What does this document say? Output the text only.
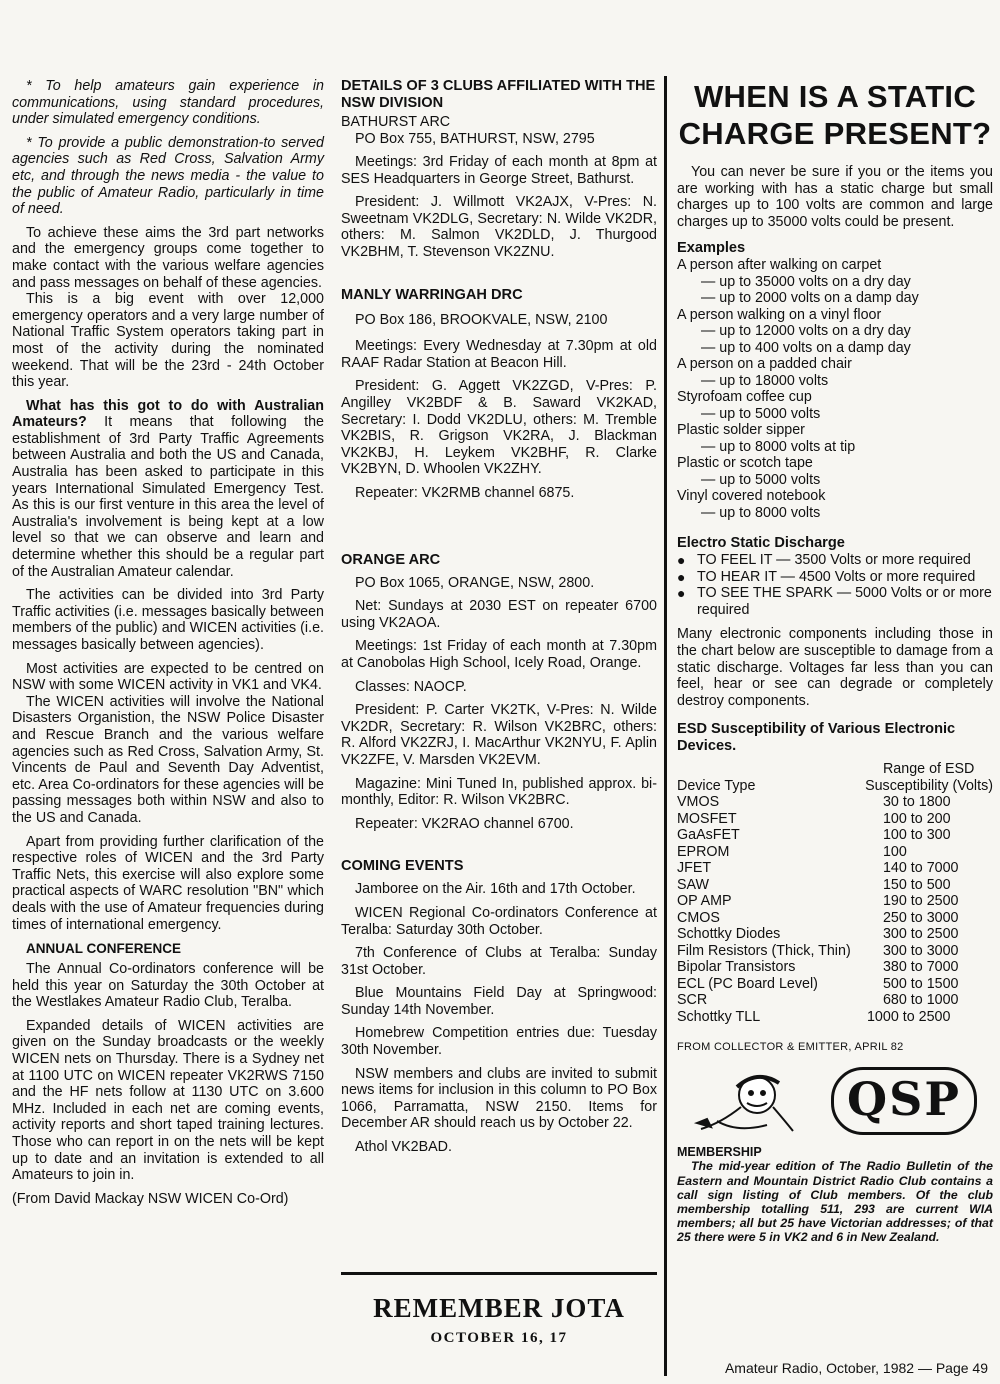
* To help amateurs gain experience in communications, using standard procedures, under simulated emergency conditions.

* To provide a public demonstration-to served agencies such as Red Cross, Salvation Army etc, and through the news media - the value to the public of Amateur Radio, particularly in time of need.

To achieve these aims the 3rd part networks and the emergency groups come together to make contact with the various welfare agencies and pass messages on behalf of these agencies.

This is a big event with over 12,000 emergency operators and a very large number of National Traffic System operators taking part in most of the activity during the nominated weekend. That will be the 23rd - 24th October this year.

What has this got to do with Australian Amateurs? It means that following the establishment of 3rd Party Traffic Agreements between Australia and both the US and Canada, Australia has been asked to participate in this years International Simulated Emergency Test. As this is our first venture in this area the level of Australia's involvement is being kept at a low level so that we can observe and learn and determine whether this should be a regular part of the Australian Amateur calendar.

The activities can be divided into 3rd Party Traffic activities (i.e. messages basically between members of the public) and WICEN activities (i.e. messages basically between agencies).

Most activities are expected to be centred on NSW with some WICEN activity in VK1 and VK4.

The WICEN activities will involve the National Disasters Organistion, the NSW Police Disaster and Rescue Branch and the various welfare agencies such as Red Cross, Salvation Army, St. Vincents de Paul and Seventh Day Adventist, etc. Area Co-ordinators for these agencies will be passing messages both within NSW and also to the US and Canada.

Apart from providing further clarification of the respective roles of WICEN and the 3rd Party Traffic Nets, this exercise will also explore some practical aspects of WARC resolution "BN" which deals with the use of Amateur frequencies during times of international emergency.

ANNUAL CONFERENCE

The Annual Co-ordinators conference will be held this year on Saturday the 30th October at the Westlakes Amateur Radio Club, Teralba.

Expanded details of WICEN activities are given on the Sunday broadcasts or the weekly WICEN nets on Thursday. There is a Sydney net at 1100 UTC on WICEN repeater VK2RWS 7150 and the HF nets follow at 1130 UTC on 3.600 MHz. Included in each net are coming events, activity reports and short taped training lectures. Those who can report in on the nets will be kept up to date and an invitation is extended to all Amateurs to join in.

(From David Mackay NSW WICEN Co-Ord)

DETAILS OF 3 CLUBS AFFILIATED WITH THE NSW DIVISION
BATHURST ARC

PO Box 755, BATHURST, NSW, 2795

Meetings: 3rd Friday of each month at 8pm at SES Headquarters in George Street, Bathurst.

President: J. Willmott VK2AJX, V-Pres: N. Sweetnam VK2DLG, Secretary: N. Wilde VK2DR, others: M. Salmon VK2DLD, J. Thurgood VK2BHM, T. Stevenson VK2ZNU.

MANLY WARRINGAH DRC

PO Box 186, BROOKVALE, NSW, 2100

Meetings: Every Wednesday at 7.30pm at old RAAF Radar Station at Beacon Hill.

President: G. Aggett VK2ZGD, V-Pres: P. Angilley VK2BDF & B. Saward VK2KAD, Secretary: I. Dodd VK2DLU, others: M. Tremble VK2BIS, R. Grigson VK2RA, J. Blackman VK2KBJ, H. Leykem VK2BHF, R. Clarke VK2BYN, D. Whoolen VK2ZHY.

Repeater: VK2RMB channel 6875.

ORANGE ARC

PO Box 1065, ORANGE, NSW, 2800.

Net: Sundays at 2030 EST on repeater 6700 using VK2AOA.

Meetings: 1st Friday of each month at 7.30pm at Canobolas High School, Icely Road, Orange.

Classes: NAOCP.

President: P. Carter VK2TK, V-Pres: N. Wilde VK2DR, Secretary: R. Wilson VK2BRC, others: R. Alford VK2ZRJ, I. MacArthur VK2NYU, F. Aplin VK2ZFE, V. Marsden VK2EVM.

Magazine: Mini Tuned In, published approx. bi-monthly, Editor: R. Wilson VK2BRC.

Repeater: VK2RAO channel 6700.

COMING EVENTS

Jamboree on the Air. 16th and 17th October.

WICEN Regional Co-ordinators Conference at Teralba: Saturday 30th October.

7th Conference of Clubs at Teralba: Sunday 31st October.

Blue Mountains Field Day at Springwood: Sunday 14th November.

Homebrew Competition entries due: Tuesday 30th November.

NSW members and clubs are invited to submit news items for inclusion in this column to PO Box 1066, Parramatta, NSW 2150. Items for December AR should reach us by October 22.

Athol VK2BAD.

REMEMBER JOTA
OCTOBER 16, 17
WHEN IS A STATIC CHARGE PRESENT?

You can never be sure if you or the items you are working with has a static charge but small charges up to 100 volts are common and large charges up to 35000 volts could be present.

Examples
A person after walking on carpet
— up to 35000 volts on a dry day
— up to 2000 volts on a damp day
A person walking on a vinyl floor
— up to 12000 volts on a dry day
— up to 400 volts on a damp day
A person on a padded chair
— up to 18000 volts
Styrofoam coffee cup
— up to 5000 volts
Plastic solder sipper
— up to 8000 volts at tip
Plastic or scotch tape
— up to 5000 volts
Vinyl covered notebook
— up to 8000 volts
Electro Static Discharge
● TO FEEL IT — 3500 Volts or more required
● TO HEAR IT — 4500 Volts or more required
● TO SEE THE SPARK — 5000 Volts or or more required

Many electronic components including those in the chart below are susceptible to damage from a static discharge. Voltages far less than you can feel, hear or see can degrade or completely destroy components.

ESD Susceptibility of Various Electronic Devices.
	Range of ESD
Device Type	Susceptibility (Volts)
VMOS	30 to 1800
MOSFET	100 to 200
GaAsFET	100 to 300
EPROM	100
JFET	140 to 7000
SAW	150 to 500
OP AMP	190 to 2500
CMOS	250 to 3000
Schottky Diodes	300 to 2500
Film Resistors (Thick, Thin)	300 to 3000
Bipolar Transistors	380 to 7000
ECL (PC Board Level)	500 to 1500
SCR	680 to 1000
Schottky TLL	1000 to 2500
FROM COLLECTOR & EMITTER, APRIL 82
QSP
MEMBERSHIP

The mid-year edition of The Radio Bulletin of the Eastern and Mountain District Radio Club contains a call sign listing of Club members. Of the club membership totalling 511, 293 are current WIA members; all but 25 have Victorian addresses; of that 25 there were 5 in VK2 and 6 in New Zealand.

Amateur Radio, October, 1982 — Page 49
